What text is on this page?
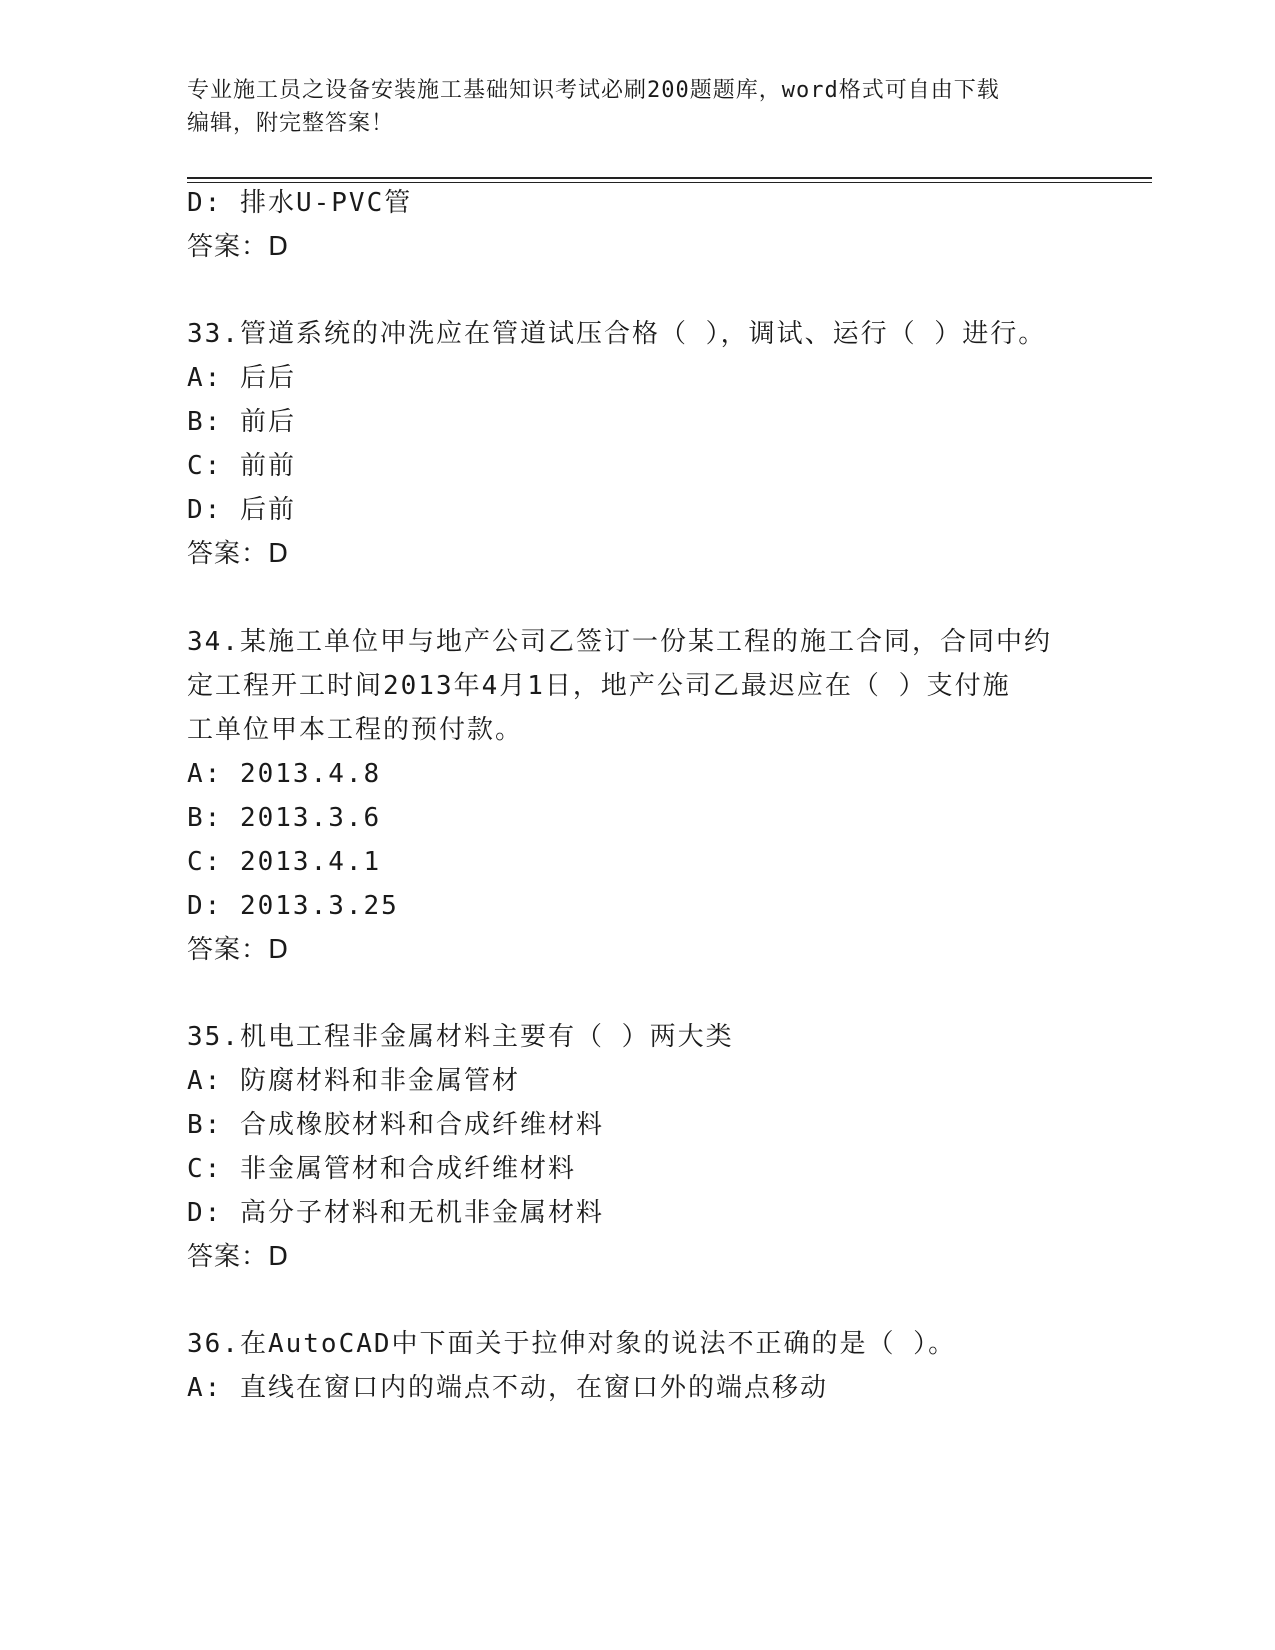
专业施工员之设备安装施工基础知识考试必刷200题题库，word格式可自由下载
编辑，附完整答案！
D: 排水U-PVC管
答案：D
33.管道系统的冲洗应在管道试压合格（ ），调试、运行（ ）进行。
A: 后后
B: 前后
C: 前前
D: 后前
答案：D
34.某施工单位甲与地产公司乙签订一份某工程的施工合同，合同中约
定工程开工时间2013年4月1日，地产公司乙最迟应在（ ）支付施
工单位甲本工程的预付款。
A: 2013.4.8
B: 2013.3.6
C: 2013.4.1
D: 2013.3.25
答案：D
35.机电工程非金属材料主要有（ ）两大类
A: 防腐材料和非金属管材
B: 合成橡胶材料和合成纤维材料
C: 非金属管材和合成纤维材料
D: 高分子材料和无机非金属材料
答案：D
36.在AutoCAD中下面关于拉伸对象的说法不正确的是（ ）。
A: 直线在窗口内的端点不动，在窗口外的端点移动
